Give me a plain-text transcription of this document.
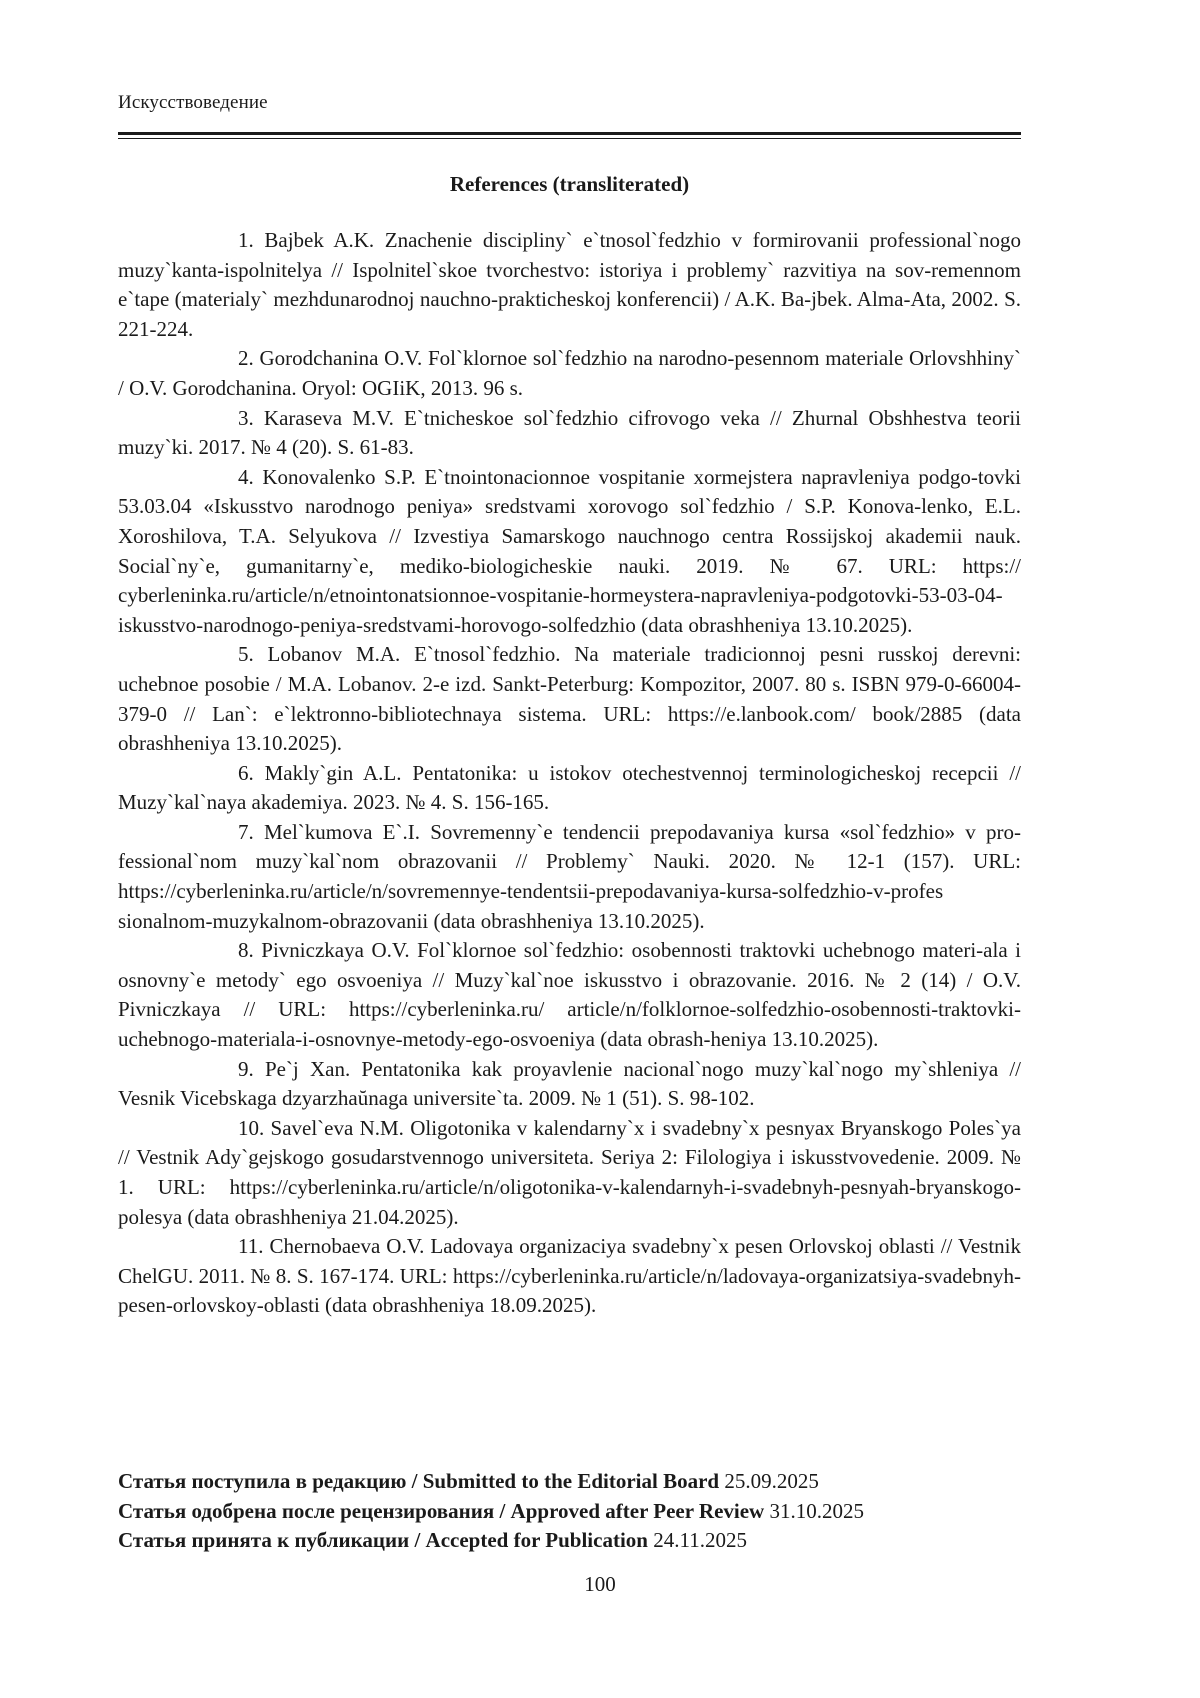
Искусствоведение
References (transliterated)
1. Bajbek A.K. Znachenie discipliny` e`tnosol`fedzhio v formirovanii professional`nogo muzy`kanta-ispolnitelya // Ispolnitel`skoe tvorchestvo: istoriya i problemy` razvitiya na sov-remennom e`tape (materialy` mezhdunarodnoj nauchno-prakticheskoj konferencii) / A.K. Ba-jbek. Alma-Ata, 2002. S. 221-224.
2. Gorodchanina O.V. Fol`klornoe sol`fedzhio na narodno-pesennom materiale Orlovshhiny` / O.V. Gorodchanina. Oryol: OGIiK, 2013. 96 s.
3. Karaseva M.V. E`tnicheskoe sol`fedzhio cifrovogo veka // Zhurnal Obshhestva teorii muzy`ki. 2017. № 4 (20). S. 61-83.
4. Konovalenko S.P. E`tnointonacionnoe vospitanie xormejstera napravleniya podgo-tovki 53.03.04 «Iskusstvo narodnogo peniya» sredstvami xorovogo sol`fedzhio / S.P. Konova-lenko, E.L. Xoroshilova, T.A. Selyukova // Izvestiya Samarskogo nauchnogo centra Rossijskoj akademii nauk. Social`ny`e, gumanitarny`e, mediko-biologicheskie nauki. 2019. № 67. URL: https:// cyberleninka.ru/article/n/etnointonatsionnoe-vospitanie-hormeystera-napravleniya-podgotovki-53-03-04-iskusstvo-narodnogo-peniya-sredstvami-horovogo-solfedzhio (data obrashheniya 13.10.2025).
5. Lobanov M.A. E`tnosol`fedzhio. Na materiale tradicionnoj pesni russkoj derevni: uchebnoe posobie / M.A. Lobanov. 2-e izd. Sankt-Peterburg: Kompozitor, 2007. 80 s. ISBN 979-0-66004-379-0 // Lan`: e`lektronno-bibliotechnaya sistema. URL: https://e.lanbook.com/ book/2885 (data obrashheniya 13.10.2025).
6. Makly`gin A.L. Pentatonika: u istokov otechestvennoj terminologicheskoj recepcii // Muzy`kal`naya akademiya. 2023. № 4. S. 156-165.
7. Mel`kumova E`.I. Sovremenny`e tendencii prepodavaniya kursa «sol`fedzhio» v pro-fessional`nom muzy`kal`nom obrazovanii // Problemy` Nauki. 2020. № 12-1 (157). URL: https://cyberleninka.ru/article/n/sovremennye-tendentsii-prepodavaniya-kursa-solfedzhio-v-profes sionalnom-muzykalnom-obrazovanii (data obrashheniya 13.10.2025).
8. Pivniczkaya O.V. Fol`klornoe sol`fedzhio: osobennosti traktovki uchebnogo materi-ala i osnovny`e metody` ego osvoeniya // Muzy`kal`noe iskusstvo i obrazovanie. 2016. № 2 (14) / O.V. Pivniczkaya // URL: https://cyberleninka.ru/ article/n/folklornoe-solfedzhio-osobennosti-traktovki-uchebnogo-materiala-i-osnovnye-metody-ego-osvoeniya (data obrash-heniya 13.10.2025).
9. Pe`j Xan. Pentatonika kak proyavlenie nacional`nogo muzy`kal`nogo my`shleniya // Vesnik Vicebskaga dzyarzhaŭnaga universite`ta. 2009. № 1 (51). S. 98-102.
10. Savel`eva N.M. Oligotonika v kalendarny`x i svadebny`x pesnyax Bryanskogo Poles`ya // Vestnik Ady`gejskogo gosudarstvennogo universiteta. Seriya 2: Filologiya i iskusstvovedenie. 2009. № 1. URL: https://cyberleninka.ru/article/n/oligotonika-v-kalendarnyh-i-svadebnyh-pesnyah-bryanskogo-polesya (data obrashheniya 21.04.2025).
11. Chernobaeva O.V. Ladovaya organizaciya svadebny`x pesen Orlovskoj oblasti // Vestnik ChelGU. 2011. № 8. S. 167-174. URL: https://cyberleninka.ru/article/n/ladovaya-organizatsiya-svadebnyh-pesen-orlovskoy-oblasti (data obrashheniya 18.09.2025).
Статья поступила в редакцию / Submitted to the Editorial Board 25.09.2025
Статья одобрена после рецензирования / Approved after Peer Review 31.10.2025
Статья принята к публикации / Accepted for Publication 24.11.2025
100
